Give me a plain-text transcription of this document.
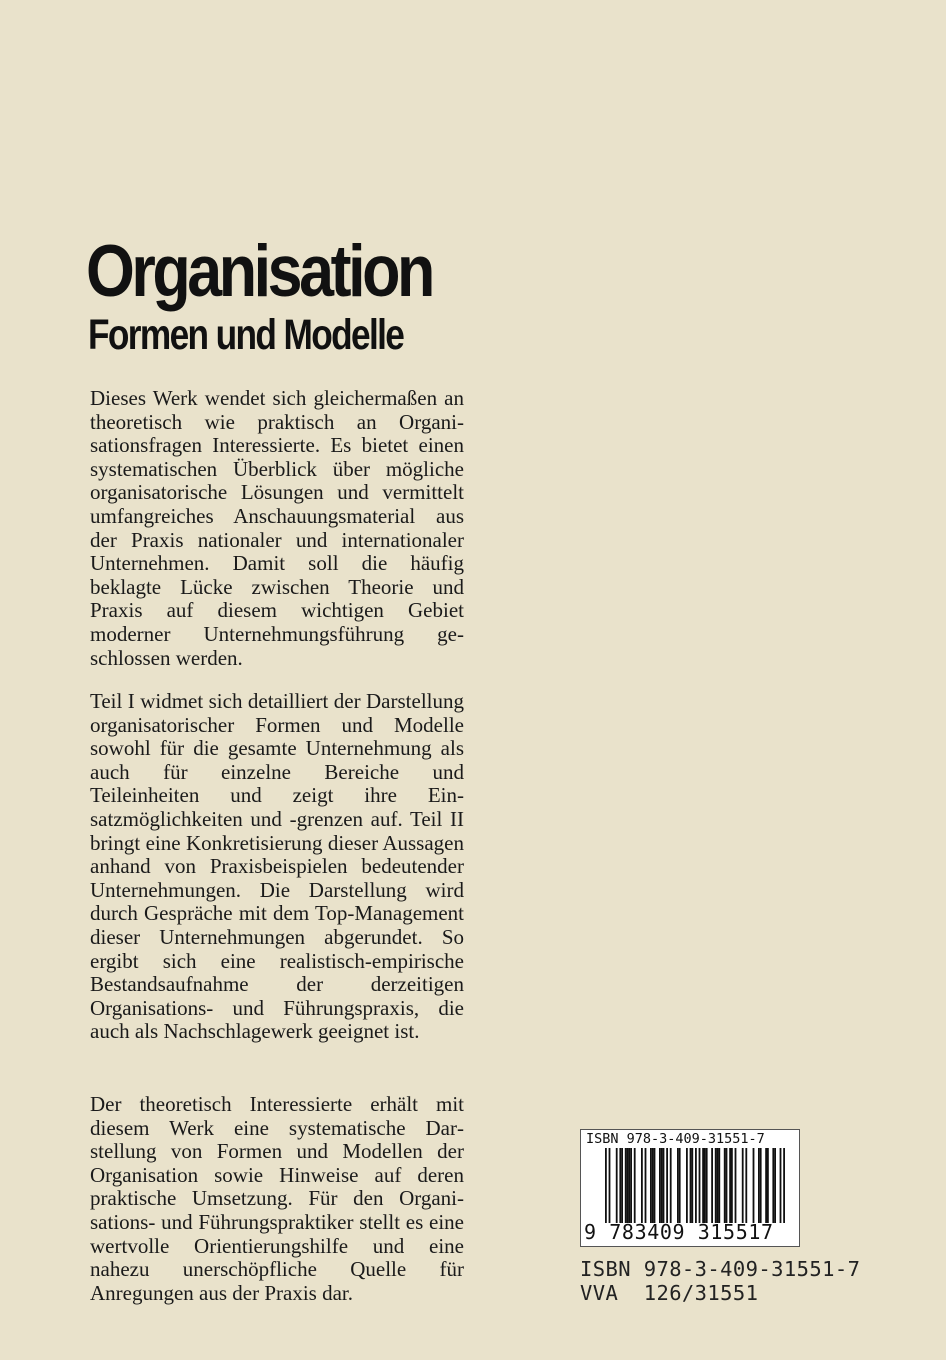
Organisation
Formen und Modelle

Dieses Werk wendet sich gleichermaßen an theoretisch wie praktisch an Organisationsfragen Interessierte. Es bietet einen systematischen Überblick über mögliche organisatorische Lösungen und vermittelt umfangreiches Anschauungsmaterial aus der Praxis nationaler und internationaler Unternehmen. Damit soll die häufig beklagte Lücke zwischen Theorie und Praxis auf diesem wichtigen Gebiet moderner Unternehmungsführung geschlossen werden.

Teil I widmet sich detailliert der Darstellung organisatorischer Formen und Modelle sowohl für die gesamte Unternehmung als auch für einzelne Bereiche und Teileinheiten und zeigt ihre Einsatzmöglichkeiten und -grenzen auf. Teil II bringt eine Konkretisierung dieser Aussagen anhand von Praxisbeispielen bedeutender Unternehmungen. Die Darstellung wird durch Gespräche mit dem Top-Management dieser Unternehmungen abgerundet. So ergibt sich eine realistisch-empirische Bestandsaufnahme der derzeitigen Organisations- und Führungspraxis, die auch als Nachschlagewerk geeignet ist.

Der theoretisch Interessierte erhält mit diesem Werk eine systematische Darstellung von Formen und Modellen der Organisation sowie Hinweise auf deren praktische Umsetzung. Für den Organisations- und Führungspraktiker stellt es eine wertvolle Orientierungshilfe und eine nahezu unerschöpfliche Quelle für Anregungen aus der Praxis dar.

ISBN 978-3-409-31551-7
9 783409 315517
ISBN 978-3-409-31551-7
VVA  126/31551
